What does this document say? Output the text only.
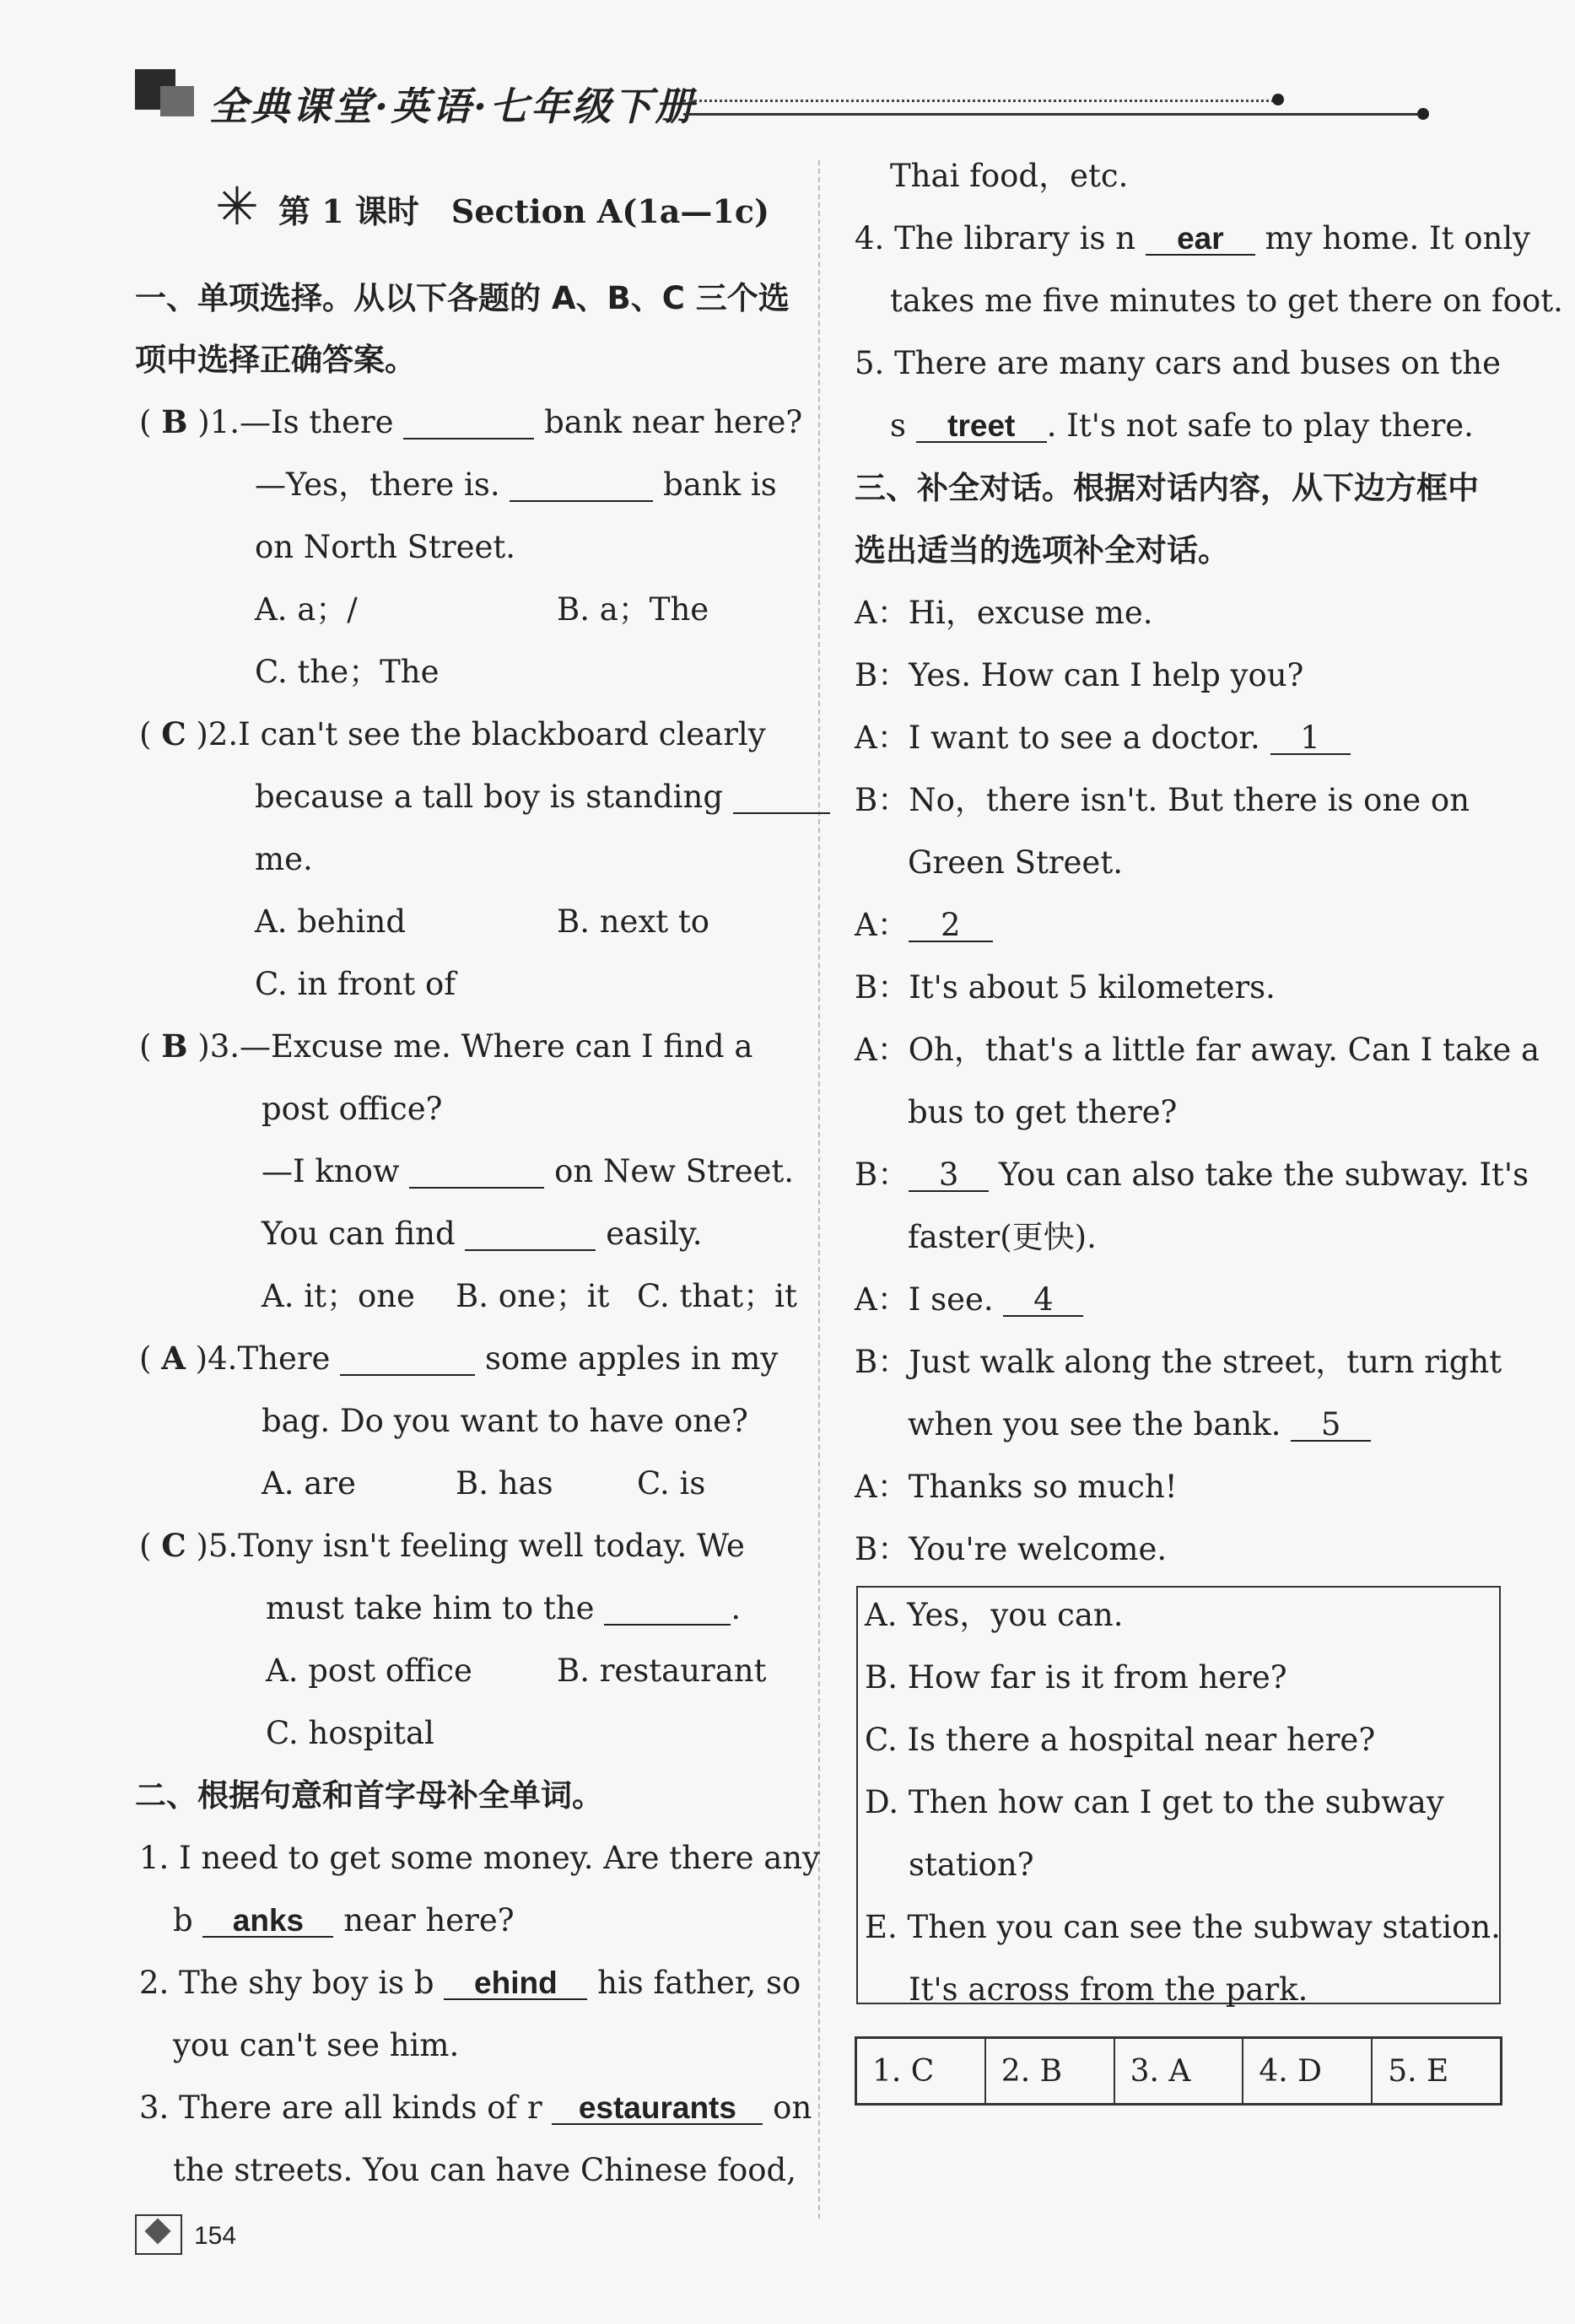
全典课堂·英语·七年级下册
✳ 第 1 课时　Section A(1a—1c)
一、单项选择。从以下各题的 A、B、C 三个选
项中选择正确答案。
( B )1.—Is there	bank near here?
—Yes，there is.	bank is
on North Street.
A. a；/	B. a；The
C. the；The
( C )2.I can't see the blackboard clearly
because a tall boy is standing
me.
A. behind	B. next to
C. in front of
( B )3.—Excuse me. Where can I find a
post office?
—I know	on New Street.
You can find	easily.
A. it；one B. one；it C. that；it
( A )4.There	some apples in my
bag. Do you want to have one?
A. are	B. has	C. is
( C )5.Tony isn't feeling well today. We
must take him to the	.
A. post office	B. restaurant
C. hospital
二、根据句意和首字母补全单词。
1. I need to get some money. Are there any
b anks near here?
2. The shy boy is b ehind his father, so
you can't see him.
3. There are all kinds of r estaurants on
the streets. You can have Chinese food,
Thai food，etc.
4. The library is n ear my home. It only
takes me five minutes to get there on foot.
5. There are many cars and buses on the
s treet . It's not safe to play there.
三、补全对话。根据对话内容，从下边方框中
选出适当的选项补全对话。
A：Hi，excuse me.
B：Yes. How can I help you?
A：I want to see a doctor. 1
B：No，there isn't. But there is one on
Green Street.
A： 2
B：It's about 5 kilometers.
A：Oh，that's a little far away. Can I take a
bus to get there?
B： 3 You can also take the subway. It's
faster(更快).
A：I see. 4
B：Just walk along the street，turn right
when you see the bank. 5
A：Thanks so much!
B：You're welcome.
A. Yes，you can.
B. How far is it from here?
C. Is there a hospital near here?
D. Then how can I get to the subway
station?
E. Then you can see the subway station.
It's across from the park.
1. C	2. B	3. A	4. D	5. E
154
